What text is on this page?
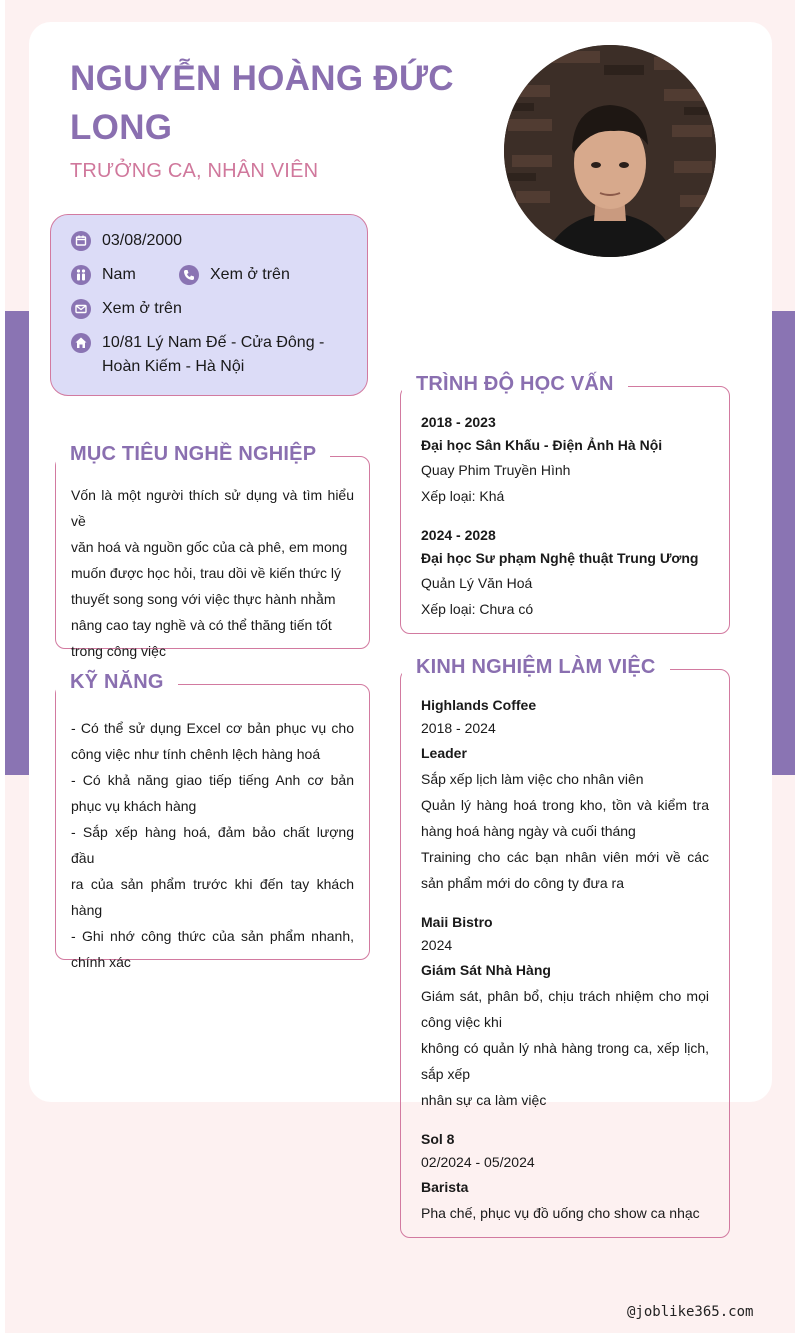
NGUYỄN HOÀNG ĐỨC
LONG
TRƯỞNG CA, NHÂN VIÊN
03/08/2000
Nam	Xem ở trên
Xem ở trên
10/81 Lý Nam Đế - Cửa Đông -
Hoàn Kiếm - Hà Nội
TRÌNH ĐỘ HỌC VẤN
2018 - 2023
Đại học Sân Khấu - Điện Ảnh Hà Nội
Quay Phim Truyền Hình
Xếp loại: Khá
2024 - 2028
Đại học Sư phạm Nghệ thuật Trung Ương
Quản Lý Văn Hoá
Xếp loại: Chưa có
MỤC TIÊU NGHỀ NGHIỆP
Vốn là một người thích sử dụng và tìm hiểu về
văn hoá và nguồn gốc của cà phê, em mong
muốn được học hỏi, trau dồi về kiến thức lý
thuyết song song với việc thực hành nhằm
nâng cao tay nghề và có thể thăng tiến tốt
trong công việc
KINH NGHIỆM LÀM VIỆC
Highlands Coffee
2018 - 2024
Leader
Sắp xếp lịch làm việc cho nhân viên
Quản lý hàng hoá trong kho, tồn và kiểm tra
hàng hoá hàng ngày và cuối tháng
Training cho các bạn nhân viên mới về các
sản phẩm mới do công ty đưa ra
Maii Bistro
2024
Giám Sát Nhà Hàng
Giám sát, phân bổ, chịu trách nhiệm cho mọi
công việc khi
không có quản lý nhà hàng trong ca, xếp lịch,
sắp xếp
nhân sự ca làm việc
Sol 8
02/2024 - 05/2024
Barista
Pha chế, phục vụ đồ uống cho show ca nhạc
KỸ NĂNG
- Có thể sử dụng Excel cơ bản phục vụ cho
công việc như tính chênh lệch hàng hoá
- Có khả năng giao tiếp tiếng Anh cơ bản
phục vụ khách hàng
- Sắp xếp hàng hoá, đảm bảo chất lượng đầu
ra của sản phẩm trước khi đến tay khách
hàng
- Ghi nhớ công thức của sản phẩm nhanh,
chính xác
@joblike365.com
